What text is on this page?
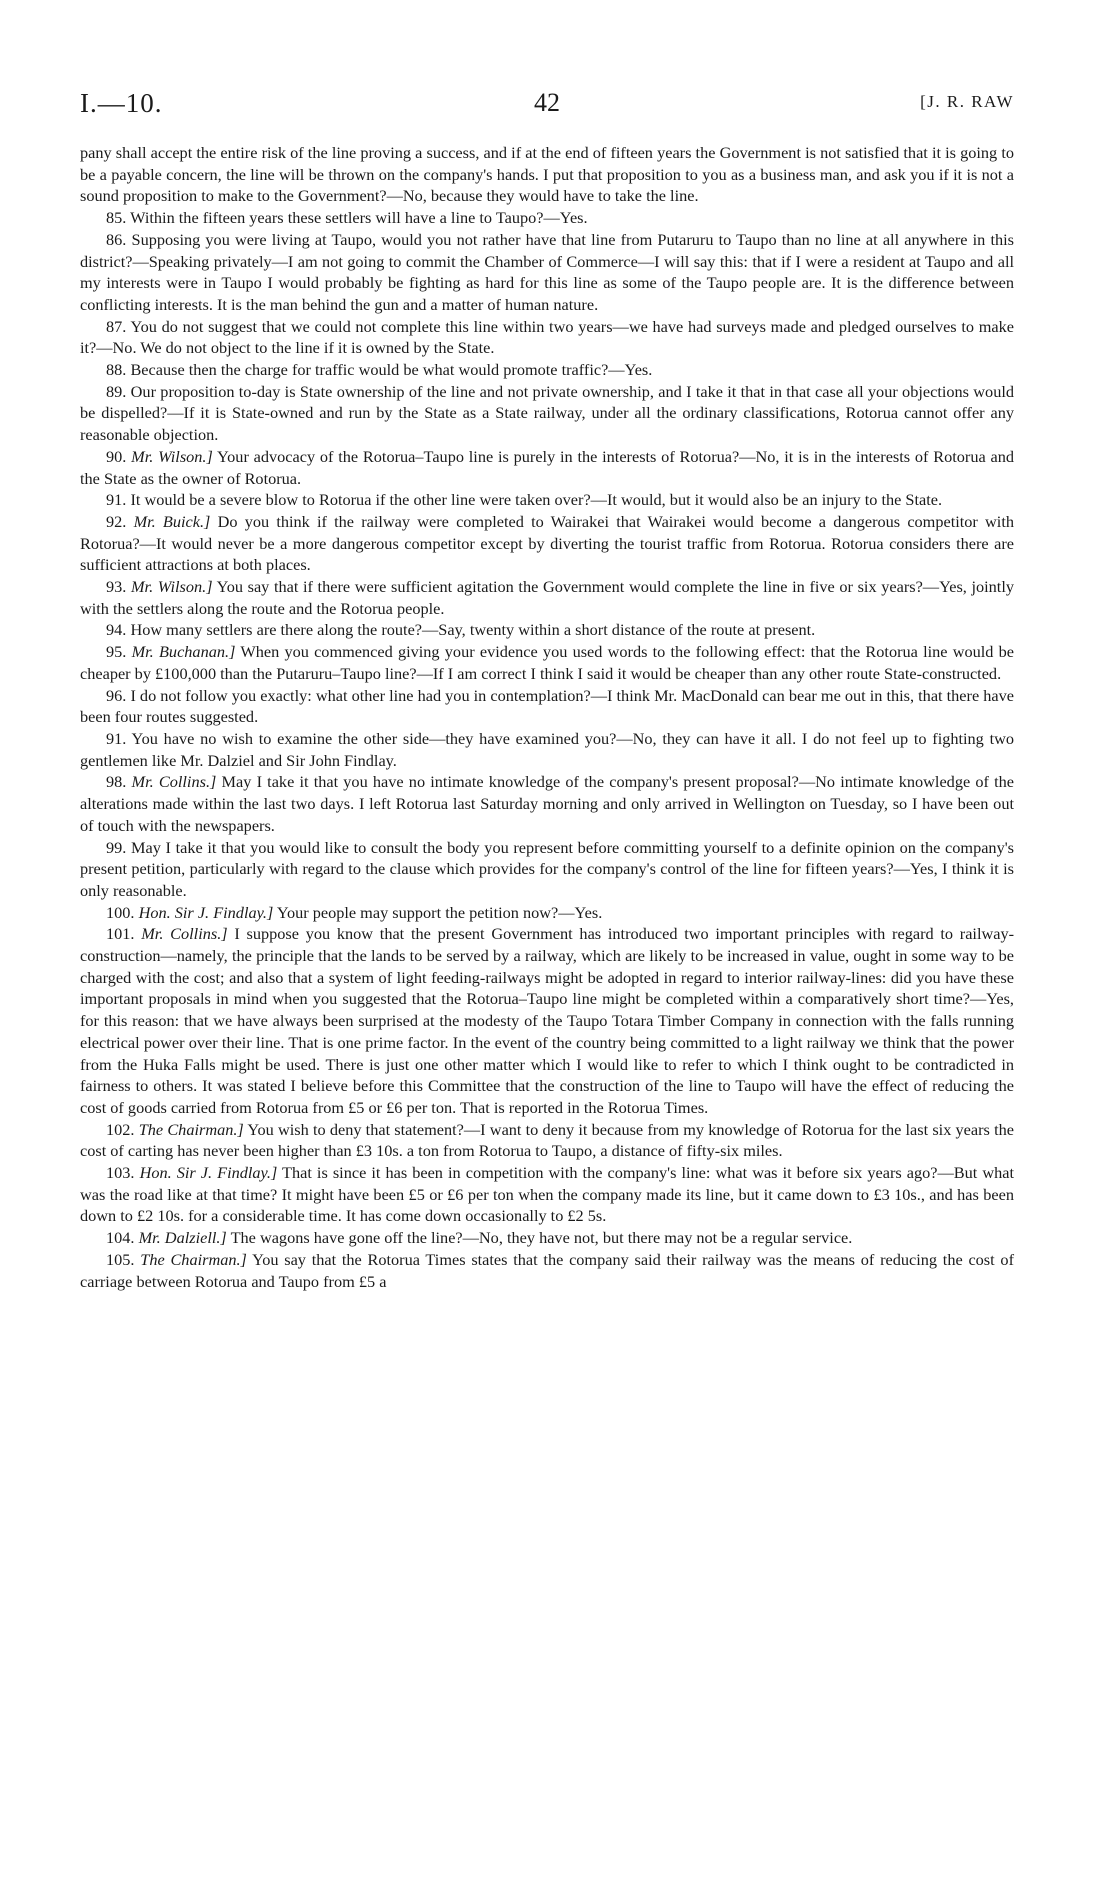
I.—10.	42	[J. R. RAW

pany shall accept the entire risk of the line proving a success, and if at the end of fifteen years the Government is not satisfied that it is going to be a payable concern, the line will be thrown on the company's hands. I put that proposition to you as a business man, and ask you if it is not a sound proposition to make to the Government?—No, because they would have to take the line.

85. Within the fifteen years these settlers will have a line to Taupo?—Yes.

86. Supposing you were living at Taupo, would you not rather have that line from Putaruru to Taupo than no line at all anywhere in this district?—Speaking privately—I am not going to commit the Chamber of Commerce—I will say this: that if I were a resident at Taupo and all my interests were in Taupo I would probably be fighting as hard for this line as some of the Taupo people are. It is the difference between conflicting interests. It is the man behind the gun and a matter of human nature.

87. You do not suggest that we could not complete this line within two years—we have had surveys made and pledged ourselves to make it?—No. We do not object to the line if it is owned by the State.

88. Because then the charge for traffic would be what would promote traffic?—Yes.

89. Our proposition to-day is State ownership of the line and not private ownership, and I take it that in that case all your objections would be dispelled?—If it is State-owned and run by the State as a State railway, under all the ordinary classifications, Rotorua cannot offer any reasonable objection.

90. Mr. Wilson.] Your advocacy of the Rotorua–Taupo line is purely in the interests of Rotorua?—No, it is in the interests of Rotorua and the State as the owner of Rotorua.

91. It would be a severe blow to Rotorua if the other line were taken over?—It would, but it would also be an injury to the State.

92. Mr. Buick.] Do you think if the railway were completed to Wairakei that Wairakei would become a dangerous competitor with Rotorua?—It would never be a more dangerous competitor except by diverting the tourist traffic from Rotorua. Rotorua considers there are sufficient attractions at both places.

93. Mr. Wilson.] You say that if there were sufficient agitation the Government would complete the line in five or six years?—Yes, jointly with the settlers along the route and the Rotorua people.

94. How many settlers are there along the route?—Say, twenty within a short distance of the route at present.

95. Mr. Buchanan.] When you commenced giving your evidence you used words to the following effect: that the Rotorua line would be cheaper by £100,000 than the Putaruru–Taupo line?—If I am correct I think I said it would be cheaper than any other route State-constructed.

96. I do not follow you exactly: what other line had you in contemplation?—I think Mr. MacDonald can bear me out in this, that there have been four routes suggested.

91. You have no wish to examine the other side—they have examined you?—No, they can have it all. I do not feel up to fighting two gentlemen like Mr. Dalziel and Sir John Findlay.

98. Mr. Collins.] May I take it that you have no intimate knowledge of the company's present proposal?—No intimate knowledge of the alterations made within the last two days. I left Rotorua last Saturday morning and only arrived in Wellington on Tuesday, so I have been out of touch with the newspapers.

99. May I take it that you would like to consult the body you represent before committing yourself to a definite opinion on the company's present petition, particularly with regard to the clause which provides for the company's control of the line for fifteen years?—Yes, I think it is only reasonable.

100. Hon. Sir J. Findlay.] Your people may support the petition now?—Yes.

101. Mr. Collins.] I suppose you know that the present Government has introduced two important principles with regard to railway-construction—namely, the principle that the lands to be served by a railway, which are likely to be increased in value, ought in some way to be charged with the cost; and also that a system of light feeding-railways might be adopted in regard to interior railway-lines: did you have these important proposals in mind when you suggested that the Rotorua–Taupo line might be completed within a comparatively short time?—Yes, for this reason: that we have always been surprised at the modesty of the Taupo Totara Timber Company in connection with the falls running electrical power over their line. That is one prime factor. In the event of the country being committed to a light railway we think that the power from the Huka Falls might be used. There is just one other matter which I would like to refer to which I think ought to be contradicted in fairness to others. It was stated I believe before this Committee that the construction of the line to Taupo will have the effect of reducing the cost of goods carried from Rotorua from £5 or £6 per ton. That is reported in the Rotorua Times.

102. The Chairman.] You wish to deny that statement?—I want to deny it because from my knowledge of Rotorua for the last six years the cost of carting has never been higher than £3 10s. a ton from Rotorua to Taupo, a distance of fifty-six miles.

103. Hon. Sir J. Findlay.] That is since it has been in competition with the company's line: what was it before six years ago?—But what was the road like at that time? It might have been £5 or £6 per ton when the company made its line, but it came down to £3 10s., and has been down to £2 10s. for a considerable time. It has come down occasionally to £2 5s.

104. Mr. Dalziell.] The wagons have gone off the line?—No, they have not, but there may not be a regular service.

105. The Chairman.] You say that the Rotorua Times states that the company said their railway was the means of reducing the cost of carriage between Rotorua and Taupo from £5 a
